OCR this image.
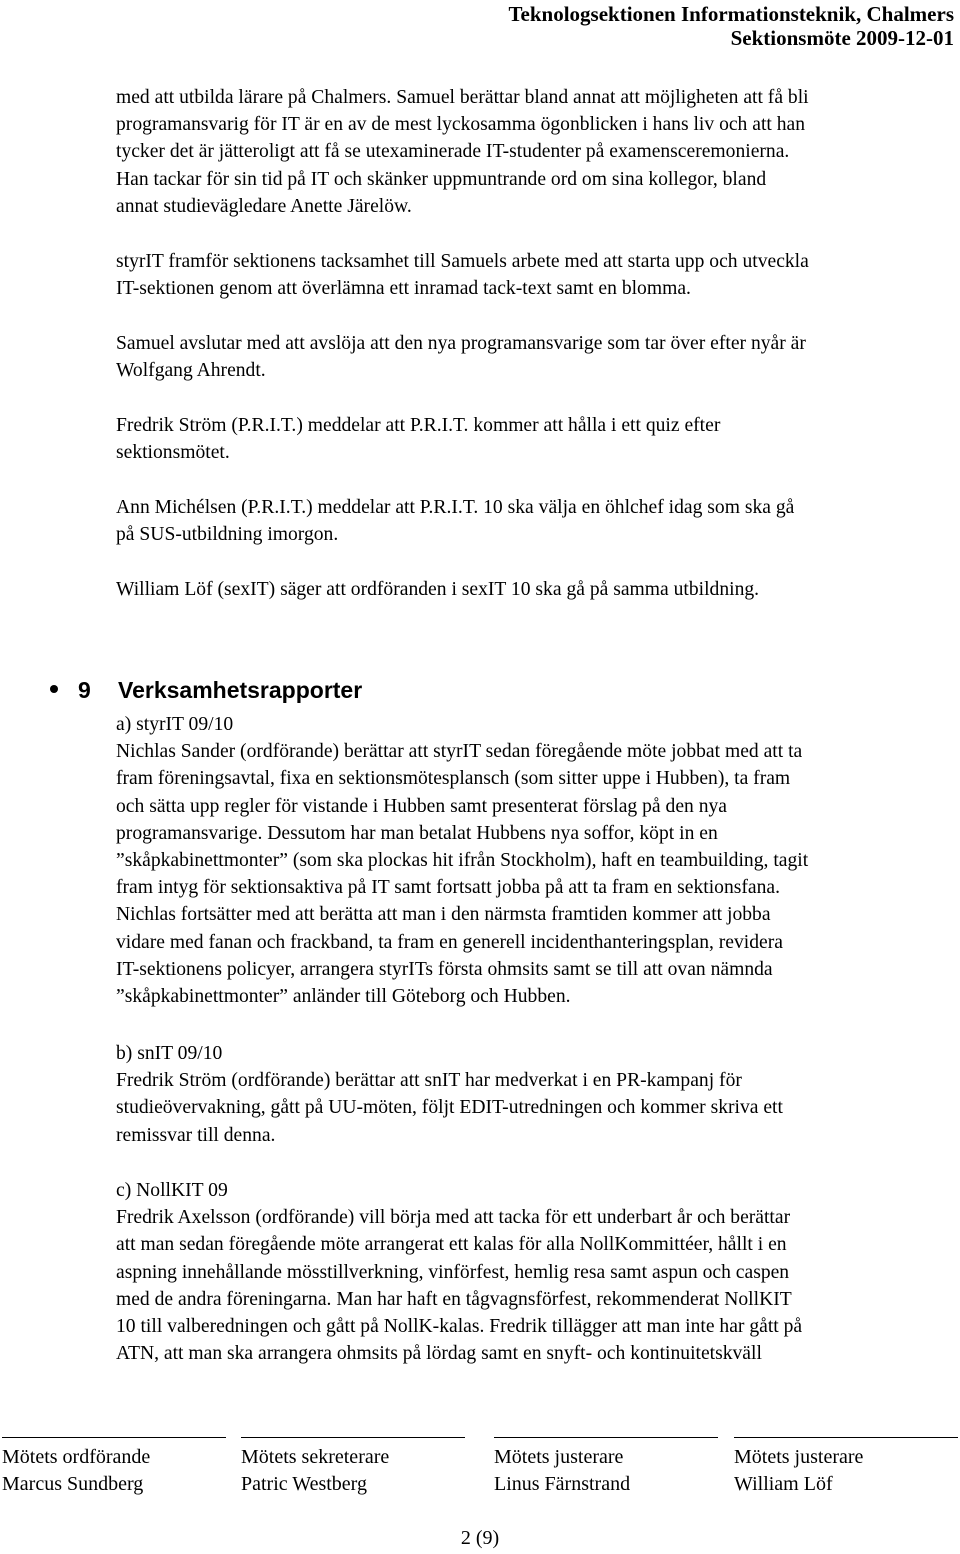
Teknologsektionen Informationsteknik, Chalmers
Sektionsmöte 2009-12-01
med att utbilda lärare på Chalmers. Samuel berättar bland annat att möjligheten att få bli
programansvarig för IT är en av de mest lyckosamma ögonblicken i hans liv och att han
tycker det är jätteroligt att få se utexaminerade IT-studenter på examensceremonierna.
Han tackar för sin tid på IT och skänker uppmuntrande ord om sina kollegor, bland
annat studievägledare Anette Järelöw.
styrIT framför sektionens tacksamhet till Samuels arbete med att starta upp och utveckla
IT-sektionen genom att överlämna ett inramad tack-text samt en blomma.
Samuel avslutar med att avslöja att den nya programansvarige som tar över efter nyår är
Wolfgang Ahrendt.
Fredrik Ström (P.R.I.T.) meddelar att P.R.I.T. kommer att hålla i ett quiz efter
sektionsmötet.
Ann Michélsen (P.R.I.T.) meddelar att P.R.I.T. 10 ska välja en öhlchef idag som ska gå
på SUS-utbildning imorgon.
William Löf (sexIT) säger att ordföranden i sexIT 10 ska gå på samma utbildning.
9 Verksamhetsrapporter
a) styrIT 09/10
Nichlas Sander (ordförande) berättar att styrIT sedan föregående möte jobbat med att ta
fram föreningsavtal, fixa en sektionsmötesplansch (som sitter uppe i Hubben), ta fram
och sätta upp regler för vistande i Hubben samt presenterat förslag på den nya
programansvarige. Dessutom har man betalat Hubbens nya soffor, köpt in en
”skåpkabinettmonter” (som ska plockas hit ifrån Stockholm), haft en teambuilding, tagit
fram intyg för sektionsaktiva på IT samt fortsatt jobba på att ta fram en sektionsfana.
Nichlas fortsätter med att berätta att man i den närmsta framtiden kommer att jobba
vidare med fanan och frackband, ta fram en generell incidenthanteringsplan, revidera
IT-sektionens policyer, arrangera styrITs första ohmsits samt se till att ovan nämnda
”skåpkabinettmonter” anländer till Göteborg och Hubben.
b) snIT 09/10
Fredrik Ström (ordförande) berättar att snIT har medverkat i en PR-kampanj för
studieövervakning, gått på UU-möten, följt EDIT-utredningen och kommer skriva ett
remissvar till denna.
c) NollKIT 09
Fredrik Axelsson (ordförande) vill börja med att tacka för ett underbart år och berättar
att man sedan föregående möte arrangerat ett kalas för alla NollKommittéer, hållt i en
aspning innehållande mösstillverkning, vinförfest, hemlig resa samt aspun och caspen
med de andra föreningarna. Man har haft en tågvagnsförfest, rekommenderat NollKIT
10 till valberedningen och gått på NollK-kalas. Fredrik tillägger att man inte har gått på
ATN, att man ska arrangera ohmsits på lördag samt en snyft- och kontinuitetskväll
Mötets ordförande	Mötets sekreterare	Mötets justerare	Mötets justerare
Marcus Sundberg	Patric Westberg	Linus Färnstrand	William Löf
2 (9)
